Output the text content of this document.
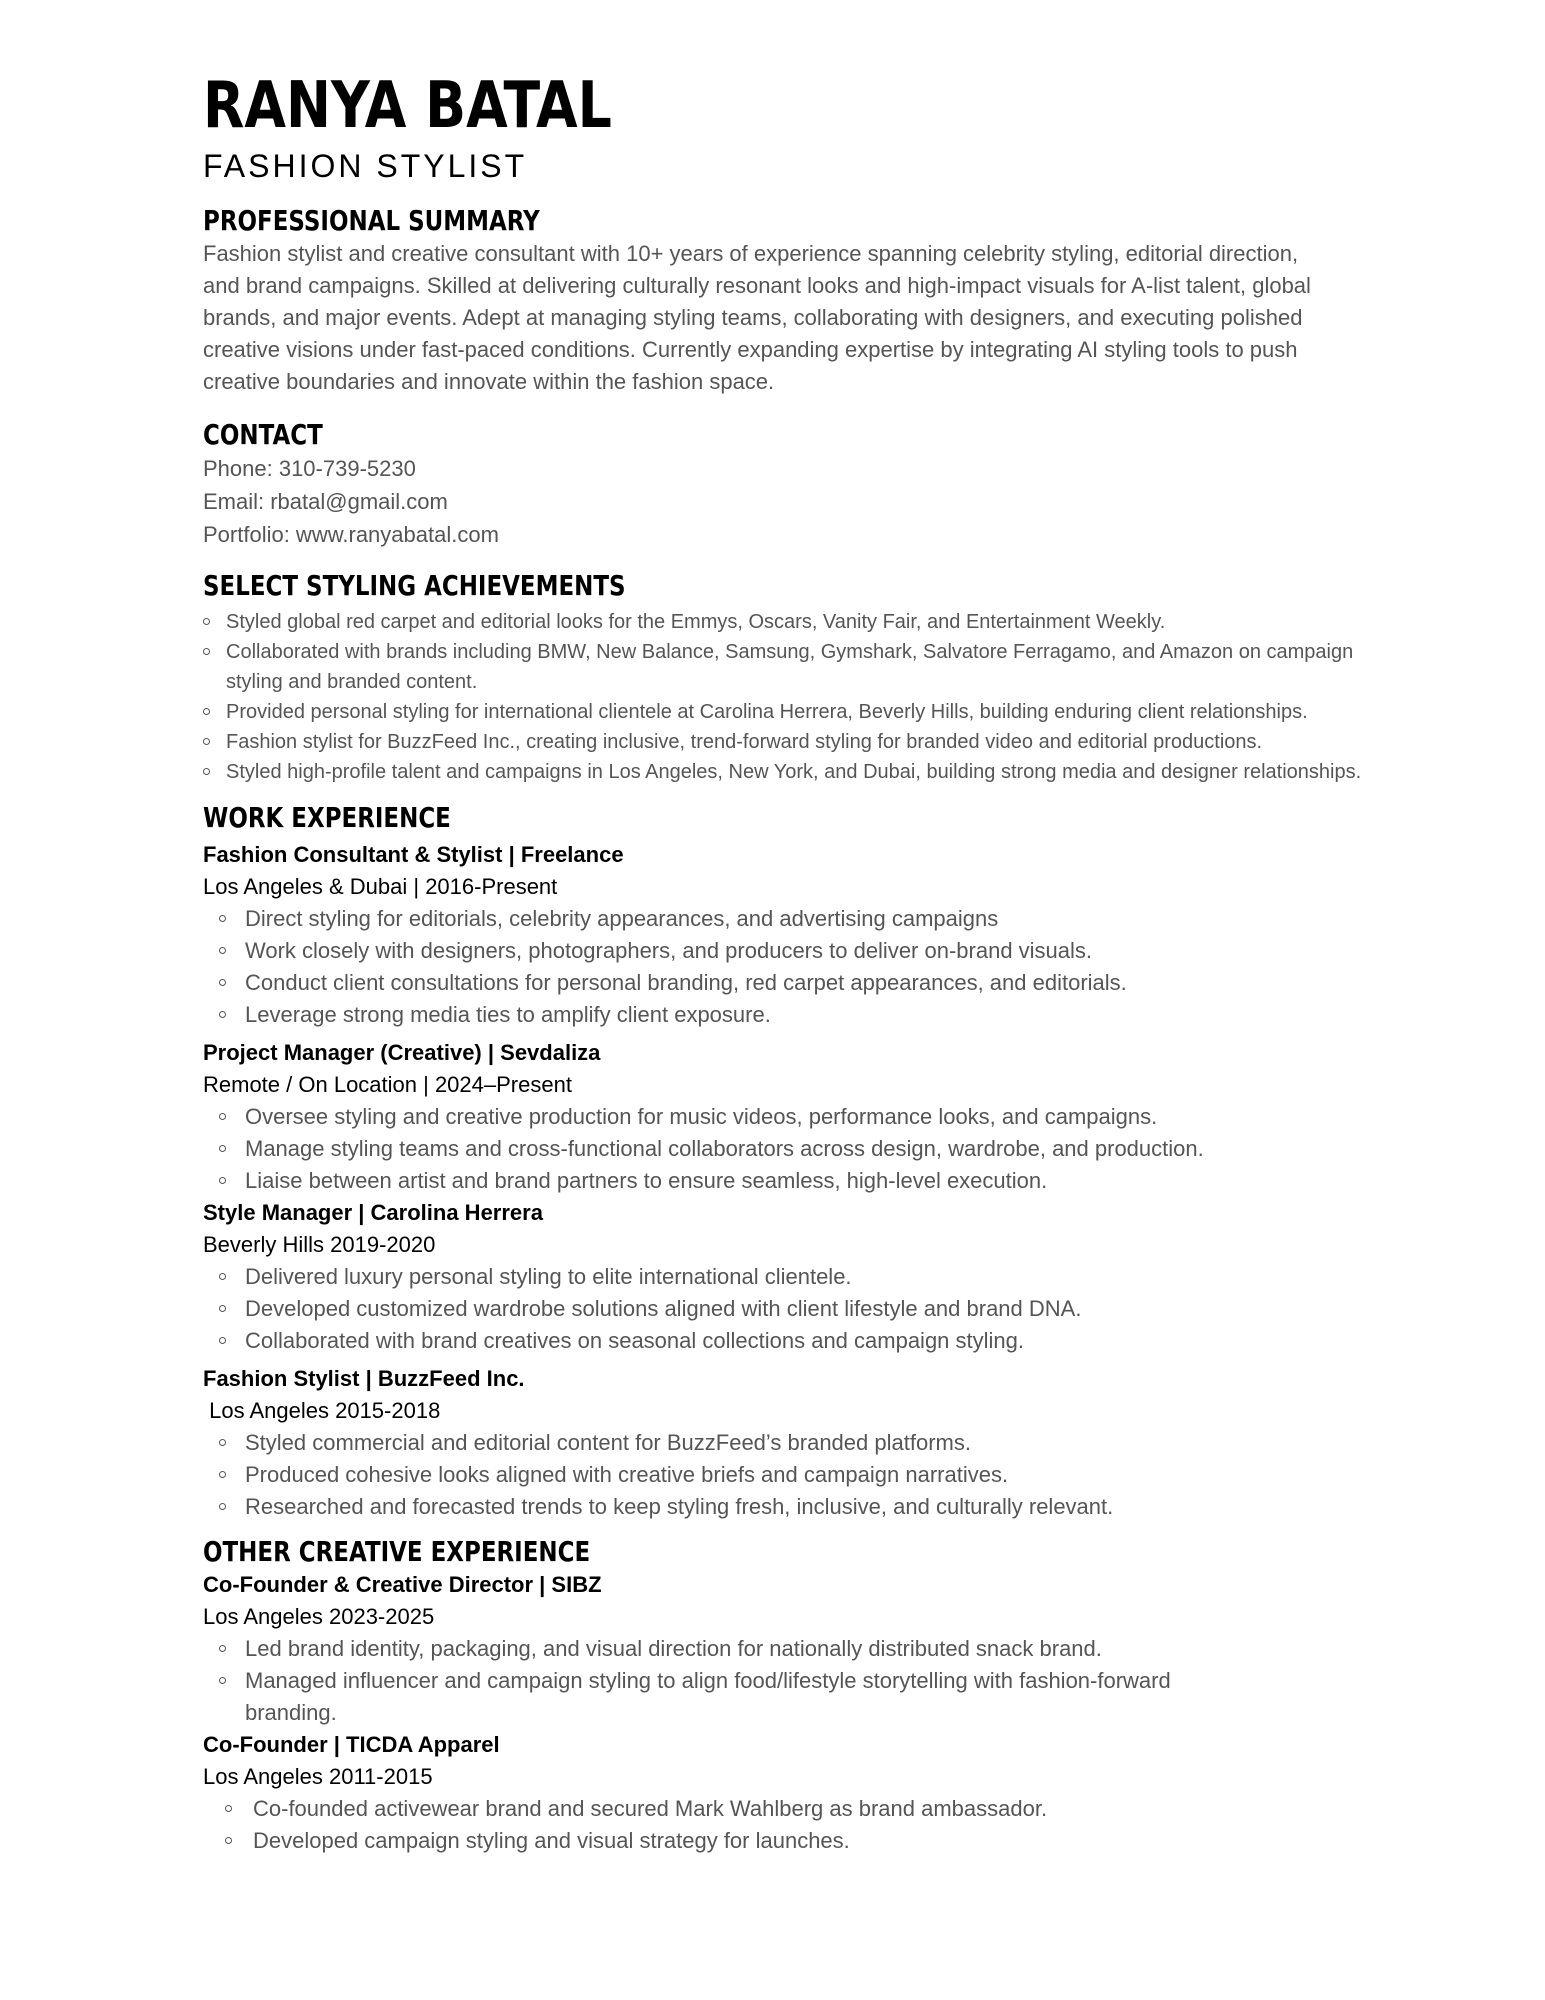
RANYA BATAL
FASHION STYLIST
PROFESSIONAL SUMMARY
Fashion stylist and creative consultant with 10+ years of experience spanning celebrity styling, editorial direction, and brand campaigns. Skilled at delivering culturally resonant looks and high-impact visuals for A-list talent, global brands, and major events. Adept at managing styling teams, collaborating with designers, and executing polished creative visions under fast-paced conditions. Currently expanding expertise by integrating AI styling tools to push creative boundaries and innovate within the fashion space.
CONTACT
Phone: 310-739-5230
Email: rbatal@gmail.com
Portfolio: www.ranyabatal.com
SELECT STYLING ACHIEVEMENTS
Styled global red carpet and editorial looks for the Emmys, Oscars, Vanity Fair, and Entertainment Weekly.
Collaborated with brands including BMW, New Balance, Samsung, Gymshark, Salvatore Ferragamo, and Amazon on campaign styling and branded content.
Provided personal styling for international clientele at Carolina Herrera, Beverly Hills, building enduring client relationships.
Fashion stylist for BuzzFeed Inc., creating inclusive, trend-forward styling for branded video and editorial productions.
Styled high-profile talent and campaigns in Los Angeles, New York, and Dubai, building strong media and designer relationships.
WORK EXPERIENCE
Fashion Consultant & Stylist | Freelance
Los Angeles & Dubai | 2016-Present
Direct styling for editorials, celebrity appearances, and advertising campaigns
Work closely with designers, photographers, and producers to deliver on-brand visuals.
Conduct client consultations for personal branding, red carpet appearances, and editorials.
Leverage strong media ties to amplify client exposure.
Project Manager (Creative) | Sevdaliza
Remote / On Location | 2024–Present
Oversee styling and creative production for music videos, performance looks, and campaigns.
Manage styling teams and cross-functional collaborators across design, wardrobe, and production.
Liaise between artist and brand partners to ensure seamless, high-level execution.
Style Manager | Carolina Herrera
Beverly Hills 2019-2020
Delivered luxury personal styling to elite international clientele.
Developed customized wardrobe solutions aligned with client lifestyle and brand DNA.
Collaborated with brand creatives on seasonal collections and campaign styling.
Fashion Stylist | BuzzFeed Inc.
Los Angeles 2015-2018
Styled commercial and editorial content for BuzzFeed’s branded platforms.
Produced cohesive looks aligned with creative briefs and campaign narratives.
Researched and forecasted trends to keep styling fresh, inclusive, and culturally relevant.
OTHER CREATIVE EXPERIENCE
Co-Founder & Creative Director | SIBZ
Los Angeles 2023-2025
Led brand identity, packaging, and visual direction for nationally distributed snack brand.
Managed influencer and campaign styling to align food/lifestyle storytelling with fashion-forward branding.
Co-Founder | TICDA Apparel
Los Angeles 2011-2015
Co-founded activewear brand and secured Mark Wahlberg as brand ambassador.
Developed campaign styling and visual strategy for launches.
